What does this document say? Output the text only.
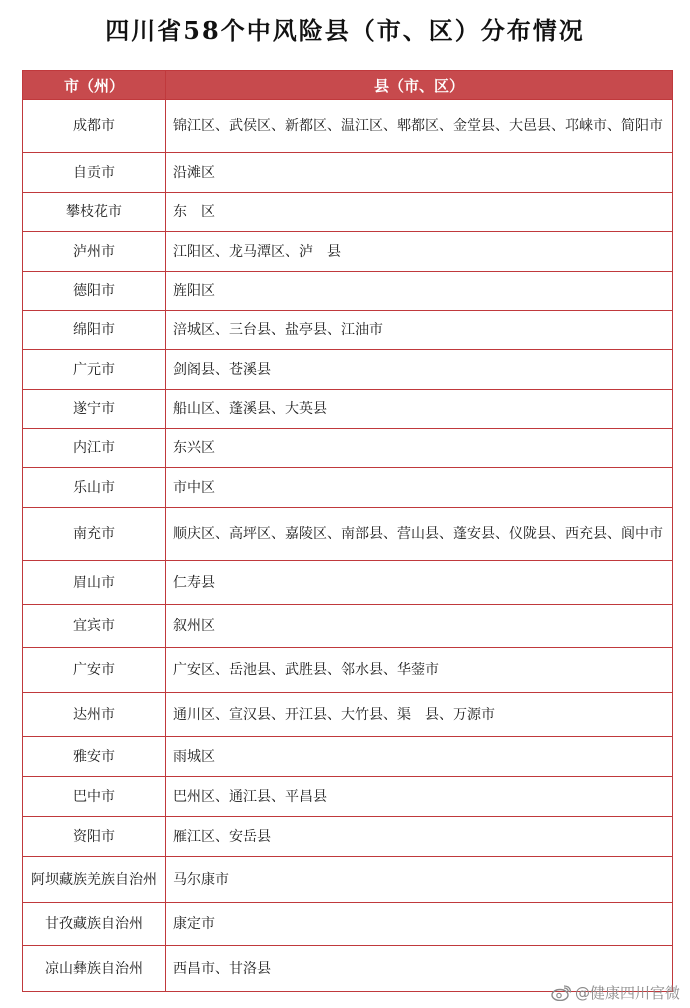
四川省58个中风险县（市、区）分布情况
市（州）	县（市、区）
成都市	锦江区、武侯区、新都区、温江区、郫都区、金堂县、大邑县、邛崃市、简阳市
自贡市	沿滩区
攀枝花市	东　区
泸州市	江阳区、龙马潭区、泸　县
德阳市	旌阳区
绵阳市	涪城区、三台县、盐亭县、江油市
广元市	剑阁县、苍溪县
遂宁市	船山区、蓬溪县、大英县
内江市	东兴区
乐山市	市中区
南充市	顺庆区、高坪区、嘉陵区、南部县、营山县、蓬安县、仪陇县、西充县、阆中市
眉山市	仁寿县
宜宾市	叙州区
广安市	广安区、岳池县、武胜县、邻水县、华蓥市
达州市	通川区、宣汉县、开江县、大竹县、渠　县、万源市
雅安市	雨城区
巴中市	巴州区、通江县、平昌县
资阳市	雁江区、安岳县
阿坝藏族羌族自治州	马尔康市
甘孜藏族自治州	康定市
凉山彝族自治州	西昌市、甘洛县
@健康四川官微
